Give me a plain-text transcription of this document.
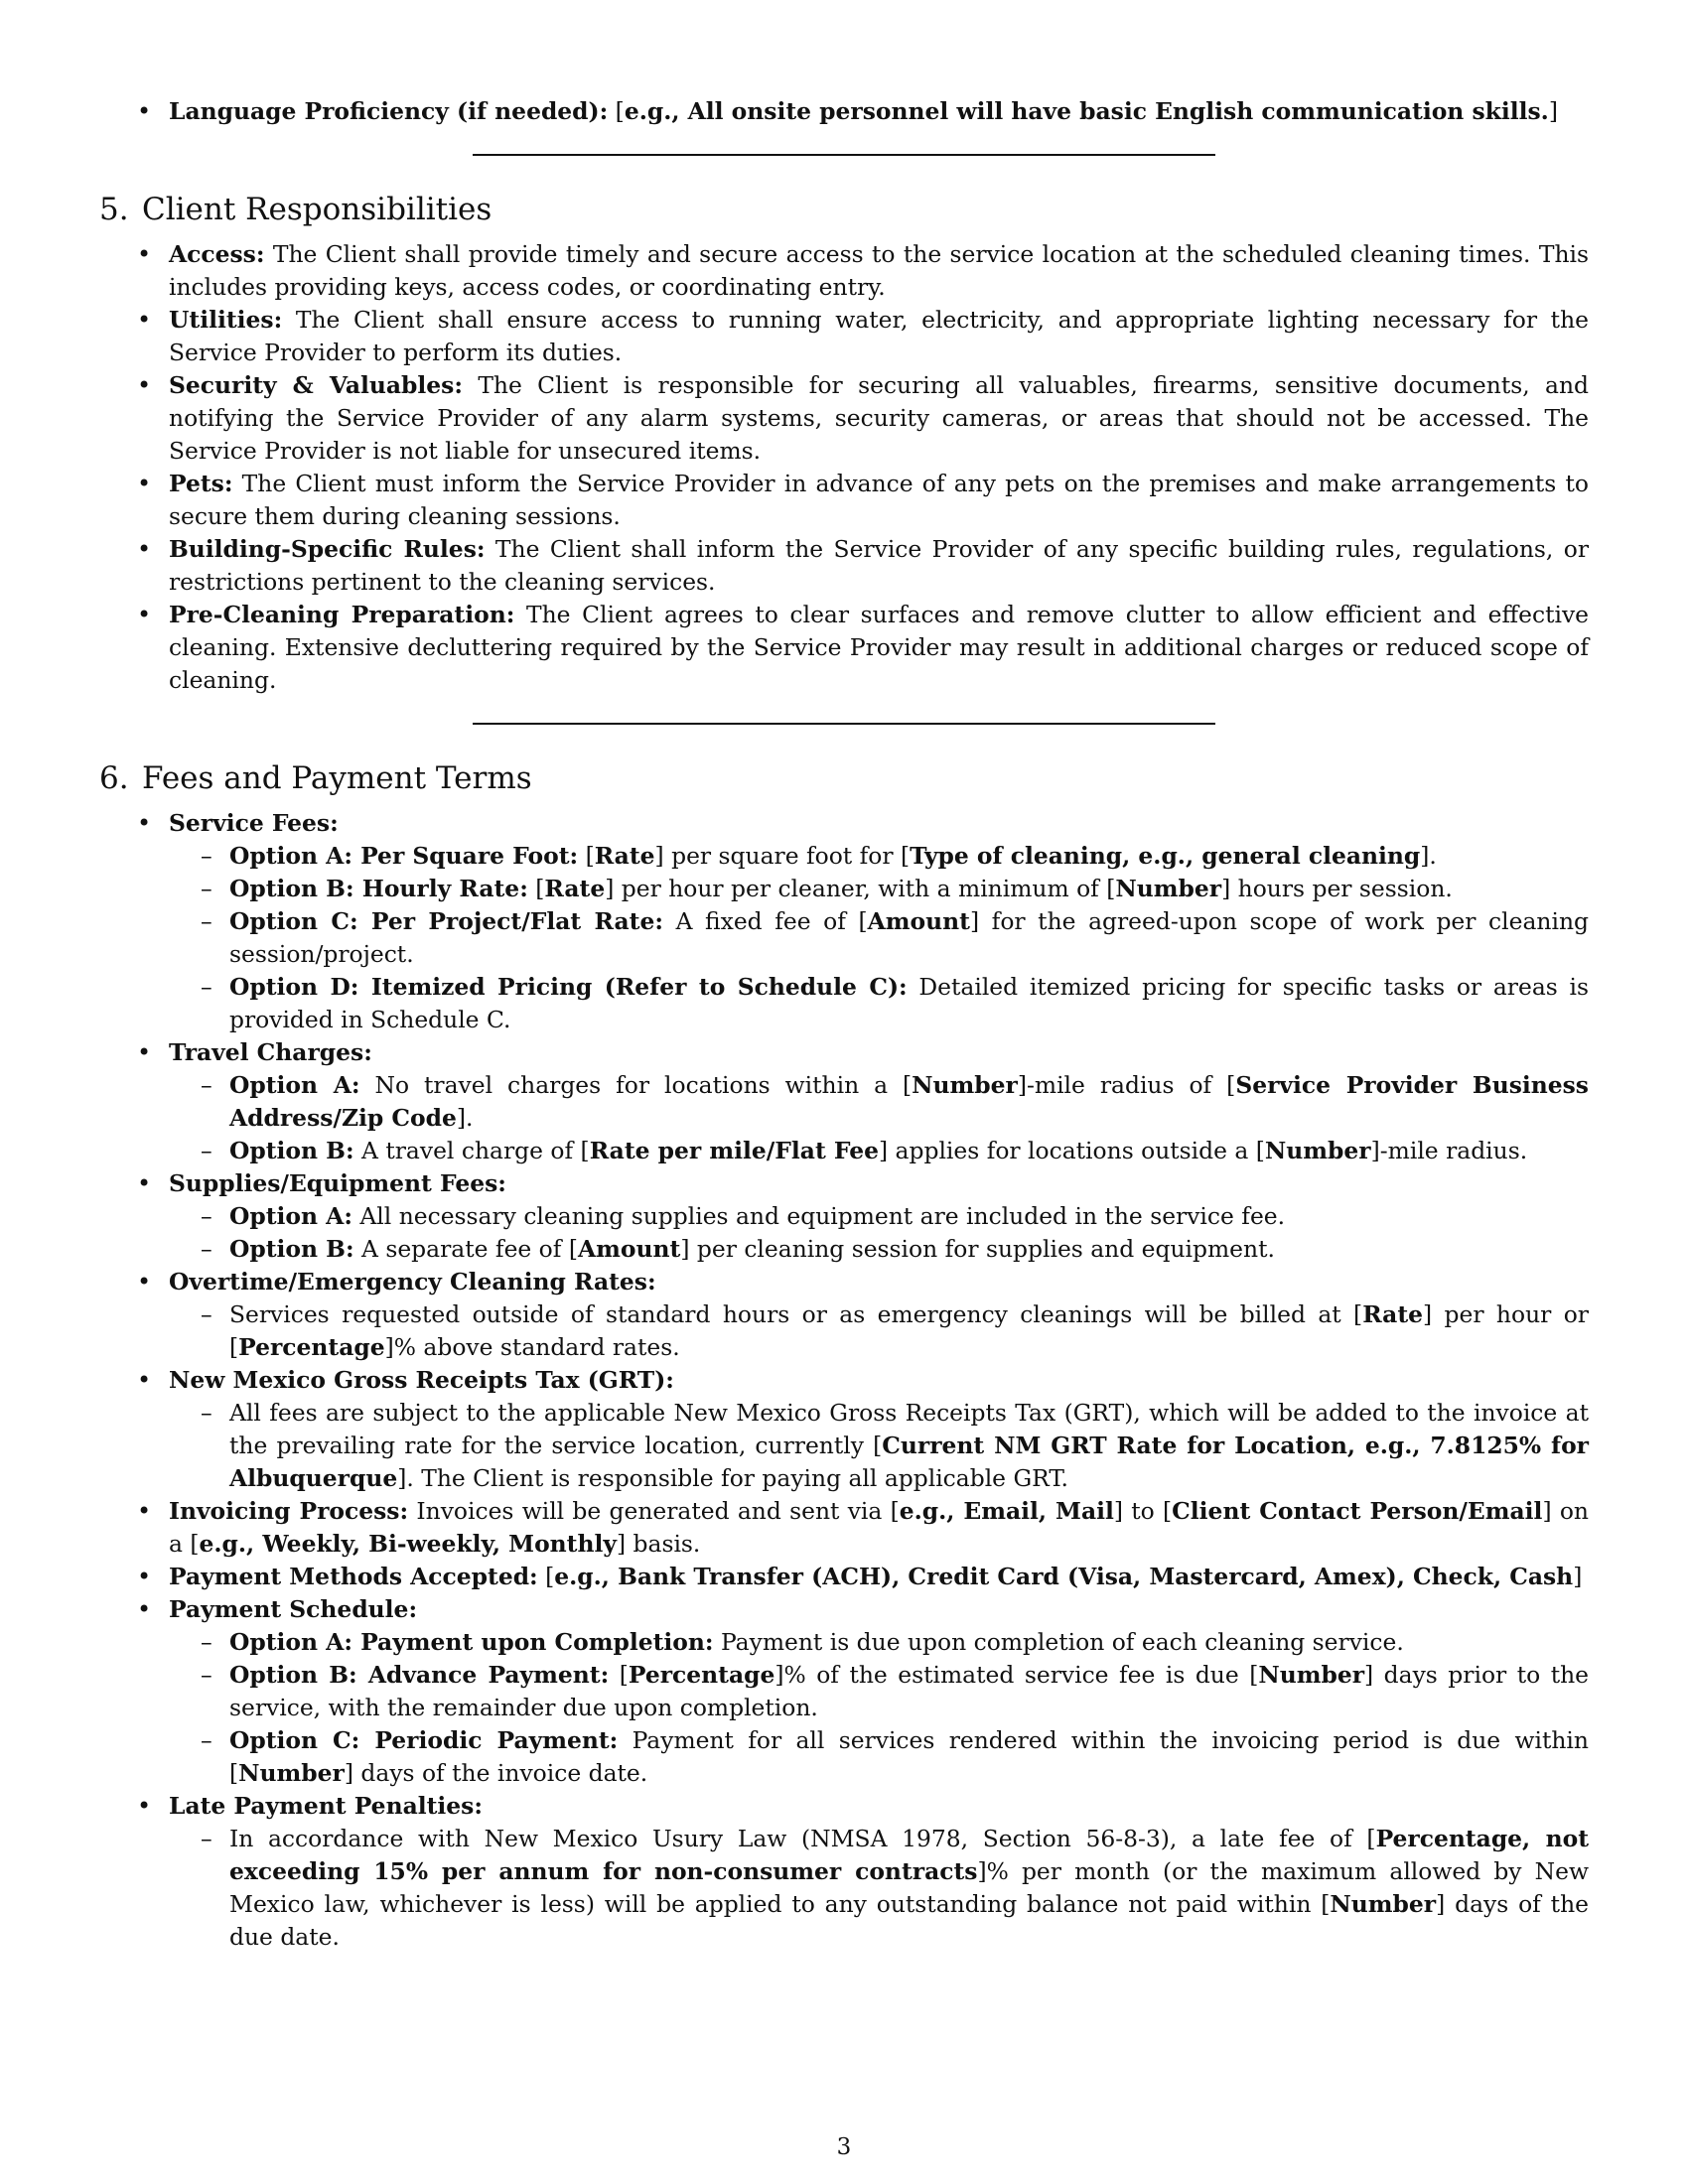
• Language Proficiency (if needed): [e.g., All onsite personnel will have basic English communication skills.]
5. Client Responsibilities
• Access: The Client shall provide timely and secure access to the service location at the scheduled cleaning times. This includes providing keys, access codes, or coordinating entry.
• Utilities: The Client shall ensure access to running water, electricity, and appropriate lighting necessary for the Service Provider to perform its duties.
• Security & Valuables: The Client is responsible for securing all valuables, firearms, sensitive documents, and notifying the Service Provider of any alarm systems, security cameras, or areas that should not be accessed. The Service Provider is not liable for unsecured items.
• Pets: The Client must inform the Service Provider in advance of any pets on the premises and make arrangements to secure them during cleaning sessions.
• Building-Specific Rules: The Client shall inform the Service Provider of any specific building rules, regulations, or restrictions pertinent to the cleaning services.
• Pre-Cleaning Preparation: The Client agrees to clear surfaces and remove clutter to allow efficient and effective cleaning. Extensive decluttering required by the Service Provider may result in additional charges or reduced scope of cleaning.
6. Fees and Payment Terms
• Service Fees:
– Option A: Per Square Foot: [Rate] per square foot for [Type of cleaning, e.g., general cleaning].
– Option B: Hourly Rate: [Rate] per hour per cleaner, with a minimum of [Number] hours per session.
– Option C: Per Project/Flat Rate: A fixed fee of [Amount] for the agreed-upon scope of work per cleaning session/project.
– Option D: Itemized Pricing (Refer to Schedule C): Detailed itemized pricing for specific tasks or areas is provided in Schedule C.
• Travel Charges:
– Option A: No travel charges for locations within a [Number]-mile radius of [Service Provider Business Address/Zip Code].
– Option B: A travel charge of [Rate per mile/Flat Fee] applies for locations outside a [Number]-mile radius.
• Supplies/Equipment Fees:
– Option A: All necessary cleaning supplies and equipment are included in the service fee.
– Option B: A separate fee of [Amount] per cleaning session for supplies and equipment.
• Overtime/Emergency Cleaning Rates:
– Services requested outside of standard hours or as emergency cleanings will be billed at [Rate] per hour or [Percentage]% above standard rates.
• New Mexico Gross Receipts Tax (GRT):
– All fees are subject to the applicable New Mexico Gross Receipts Tax (GRT), which will be added to the invoice at the prevailing rate for the service location, currently [Current NM GRT Rate for Location, e.g., 7.8125% for Albuquerque]. The Client is responsible for paying all applicable GRT.
• Invoicing Process: Invoices will be generated and sent via [e.g., Email, Mail] to [Client Contact Person/Email] on a [e.g., Weekly, Bi-weekly, Monthly] basis.
• Payment Methods Accepted: [e.g., Bank Transfer (ACH), Credit Card (Visa, Mastercard, Amex), Check, Cash]
• Payment Schedule:
– Option A: Payment upon Completion: Payment is due upon completion of each cleaning service.
– Option B: Advance Payment: [Percentage]% of the estimated service fee is due [Number] days prior to the service, with the remainder due upon completion.
– Option C: Periodic Payment: Payment for all services rendered within the invoicing period is due within [Number] days of the invoice date.
• Late Payment Penalties:
– In accordance with New Mexico Usury Law (NMSA 1978, Section 56-8-3), a late fee of [Percentage, not exceeding 15% per annum for non-consumer contracts]% per month (or the maximum allowed by New Mexico law, whichever is less) will be applied to any outstanding balance not paid within [Number] days of the due date.
3
